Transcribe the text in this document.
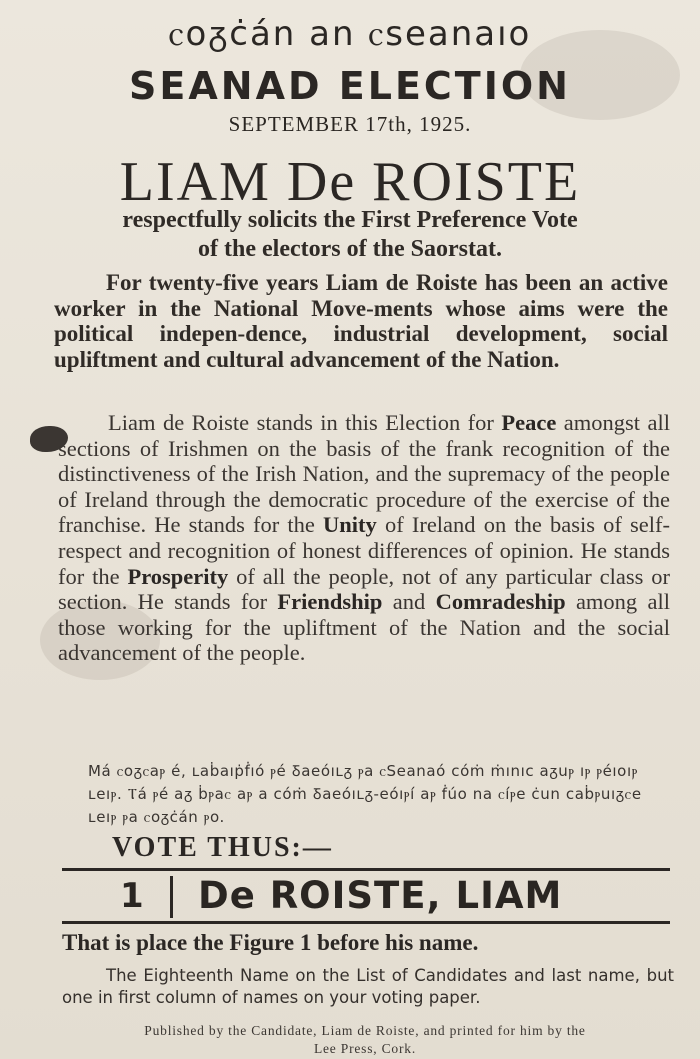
ⲥoᵹċán an ⲥseanaıo
SEANAD ELECTION
SEPTEMBER 17th, 1925.
LIAM De ROISTE
respectfully solicits the First Preference Vote
of the electors of the Saorstat.
For twenty-five years Liam de Roiste has been an active worker in the National Move-ments whose aims were the political indepen-dence, industrial development, social upliftment and cultural advancement of the Nation.
Liam de Roiste stands in this Election for Peace amongst all sections of Irishmen on the basis of the frank recognition of the distinctiveness of the Irish Nation, and the supremacy of the people of Ireland through the democratic procedure of the exercise of the franchise. He stands for the Unity of Ireland on the basis of self-respect and recognition of honest differences of opinion. He stands for the Prosperity of all the people, not of any particular class or section. He stands for Friendship and Comradeship among all those working for the upliftment of the Nation and the social advancement of the people.
Má ⲥoᵹⲥaⲣ é, ʟaḃaıṗḟıó ⲣé Ᵹaeóıʟᵹ ⲣa ⲥSeanaó cóṁ ṁınıc aᵹuⲣ ıⲣ ⲣéıoıⲣ ʟeıⲣ. Ⲧá ⲣé aᵹ ḃⲣaⲥ aⲣ a cóṁ Ᵹaeóıʟᵹ-eóıⲣí aⲣ ḟúo na ⲥíⲣe ċun caḃⲣuıᵹⲥe ʟeıⲣ ⲣa ⲥoᵹċán ⲣo.
VOTE THUS:—
1 De ROISTE, LIAM
That is place the Figure 1 before his name.
The Eighteenth Name on the List of Candidates and last name, but one in first column of names on your voting paper.
Published by the Candidate, Liam de Roiste, and printed for him by the
Lee Press, Cork.
